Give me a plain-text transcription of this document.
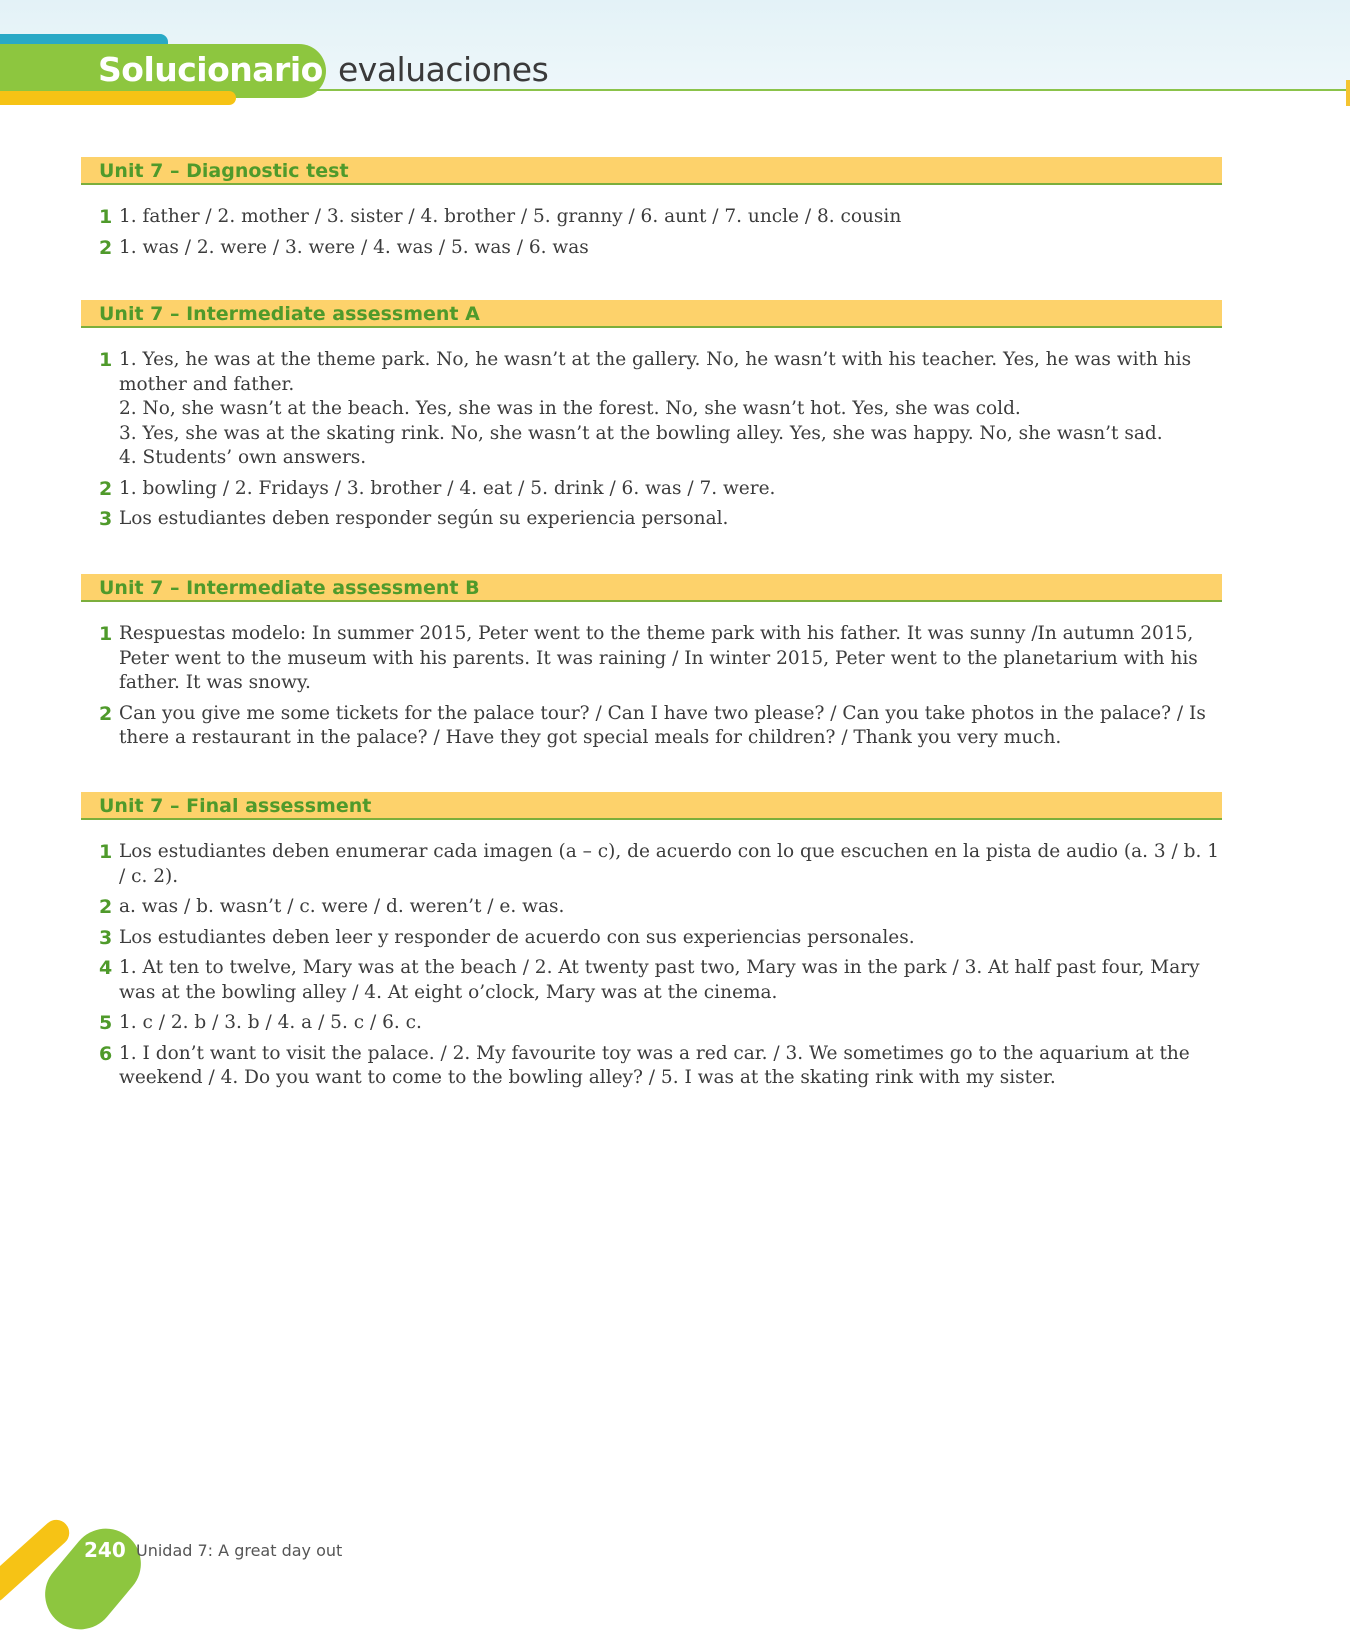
Solucionario evaluaciones
Unit 7 – Diagnostic test
1 1. father / 2. mother / 3. sister / 4. brother / 5. granny / 6. aunt / 7. uncle / 8. cousin
2 1. was / 2. were / 3. were / 4. was / 5. was / 6. was
Unit 7 – Intermediate assessment A
1 1. Yes, he was at the theme park. No, he wasn’t at the gallery. No, he wasn’t with his teacher. Yes, he was with his mother and father.
2. No, she wasn’t at the beach. Yes, she was in the forest. No, she wasn’t hot. Yes, she was cold.
3. Yes, she was at the skating rink. No, she wasn’t at the bowling alley. Yes, she was happy. No, she wasn’t sad.
4. Students’ own answers.
2 1. bowling / 2. Fridays / 3. brother / 4. eat / 5. drink / 6. was / 7. were.
3 Los estudiantes deben responder según su experiencia personal.
Unit 7 – Intermediate assessment B
1 Respuestas modelo: In summer 2015, Peter went to the theme park with his father. It was sunny /In autumn 2015, Peter went to the museum with his parents. It was raining / In winter 2015, Peter went to the planetarium with his father. It was snowy.
2 Can you give me some tickets for the palace tour? / Can I have two please? / Can you take photos in the palace? / Is there a restaurant in the palace? / Have they got special meals for children? / Thank you very much.
Unit 7 – Final assessment
1 Los estudiantes deben enumerar cada imagen (a – c), de acuerdo con lo que escuchen en la pista de audio (a. 3 / b. 1 / c. 2).
2 a. was / b. wasn’t / c. were / d. weren’t / e. was.
3 Los estudiantes deben leer y responder de acuerdo con sus experiencias personales.
4 1. At ten to twelve, Mary was at the beach / 2. At twenty past two, Mary was in the park / 3. At half past four, Mary was at the bowling alley / 4. At eight o’clock, Mary was at the cinema.
5 1. c / 2. b / 3. b / 4. a / 5. c / 6. c.
6 1. I don’t want to visit the palace. / 2. My favourite toy was a red car. / 3. We sometimes go to the aquarium at the weekend / 4. Do you want to come to the bowling alley? / 5. I was at the skating rink with my sister.
240 Unidad 7: A great day out
